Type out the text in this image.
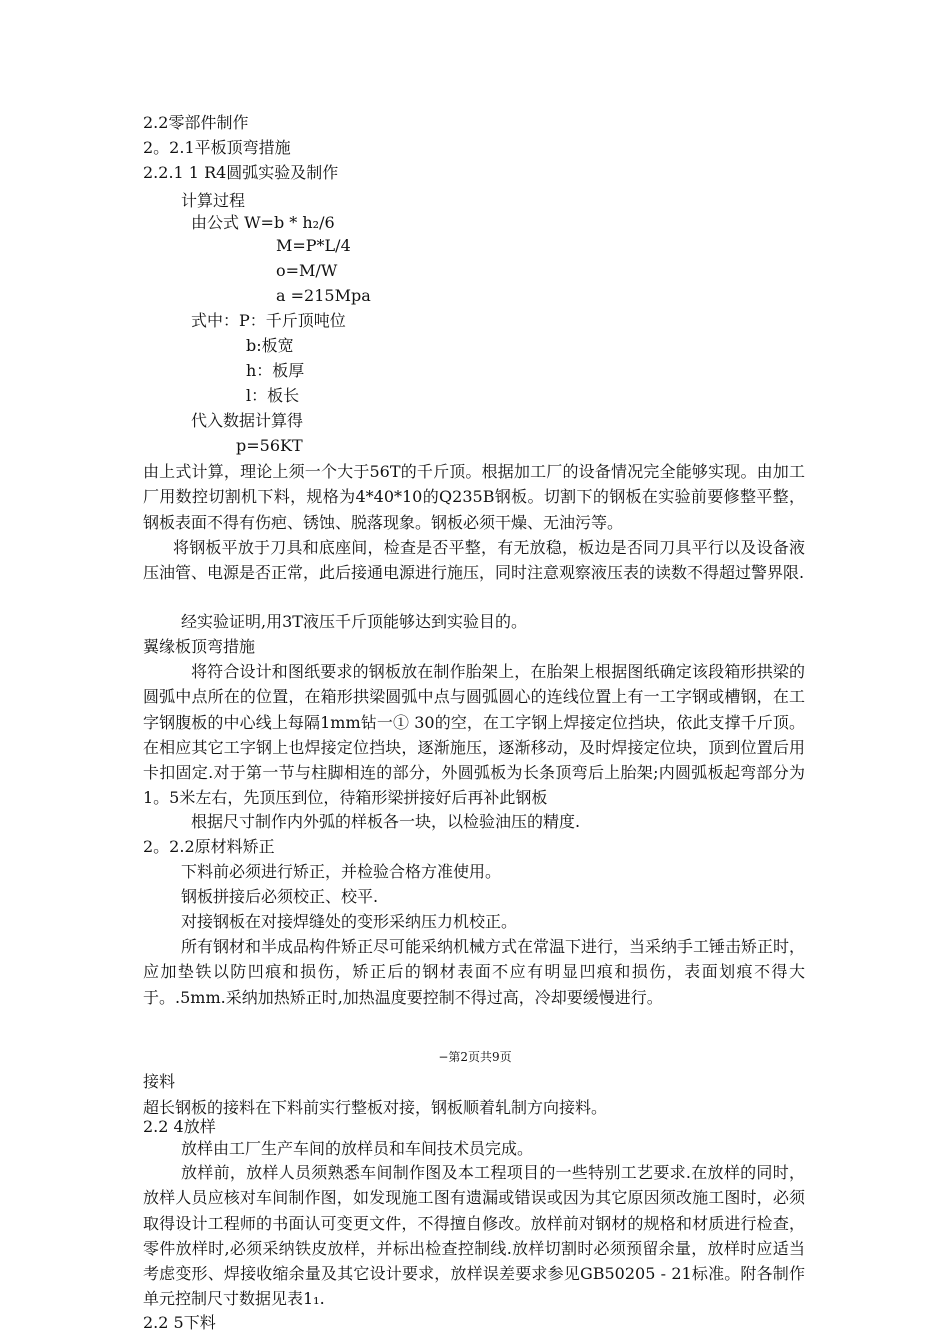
2.2零部件制作
2。2.1平板顶弯措施
2.2.1 1 R4圆弧实验及制作
计算过程
由公式 W=b * h₂/6
M=P*L/4
o=M/W
a =215Mpa
式中：P：千斤顶吨位
b:板宽
h：板厚
l：板长
代入数据计算得
p=56KT
由上式计算，理论上须一个大于56T的千斤顶。根据加工厂的设备情况完全能够实现。由加工厂用数控切割机下料，规格为4*40*10的Q235B钢板。切割下的钢板在实验前要修整平整，钢板表面不得有伤疤、锈蚀、脱落现象。钢板必须干燥、无油污等。
将钢板平放于刀具和底座间，检查是否平整，有无放稳，板边是否同刀具平行以及设备液压油管、电源是否正常，此后接通电源进行施压，同时注意观察液压表的读数不得超过警界限.
经实验证明,用3T液压千斤顶能够达到实验目的。
翼缘板顶弯措施
将符合设计和图纸要求的钢板放在制作胎架上，在胎架上根据图纸确定该段箱形拱梁的圆弧中点所在的位置，在箱形拱梁圆弧中点与圆弧圆心的连线位置上有一工字钢或槽钢，在工字钢腹板的中心线上每隔1mm钻一① 30的空，在工字钢上焊接定位挡块，依此支撑千斤顶。在相应其它工字钢上也焊接定位挡块，逐渐施压，逐渐移动，及时焊接定位块，顶到位置后用卡扣固定.对于第一节与柱脚相连的部分，外圆弧板为长条顶弯后上胎架;内圆弧板起弯部分为1。5米左右，先顶压到位，待箱形梁拼接好后再补此钢板
根据尺寸制作内外弧的样板各一块，以检验油压的精度.
2。2.2原材料矫正
下料前必须进行矫正，并检验合格方准使用。
钢板拼接后必须校正、校平.
对接钢板在对接焊缝处的变形采纳压力机校正。
所有钢材和半成品构件矫正尽可能采纳机械方式在常温下进行，当采纳手工锤击矫正时，应加垫铁以防凹痕和损伤，矫正后的钢材表面不应有明显凹痕和损伤，表面划痕不得大于。.5mm.采纳加热矫正时,加热温度要控制不得过高，冷却要缓慢进行。
−第2页共9页
接料
超长钢板的接料在下料前实行整板对接，钢板顺着轧制方向接料。
2.2 4放样
放样由工厂生产车间的放样员和车间技术员完成。
放样前，放样人员须熟悉车间制作图及本工程项目的一些特别工艺要求.在放样的同时，放样人员应核对车间制作图，如发现施工图有遗漏或错误或因为其它原因须改施工图时，必须取得设计工程师的书面认可变更文件，不得擅自修改。放样前对钢材的规格和材质进行检查，零件放样时,必须采纳铁皮放样，并标出检查控制线.放样切割时必须预留余量，放样时应适当考虑变形、焊接收缩余量及其它设计要求，放样误差要求参见GB50205 - 21标准。附各制作单元控制尺寸数据见表1₁.
2.2 5下料
